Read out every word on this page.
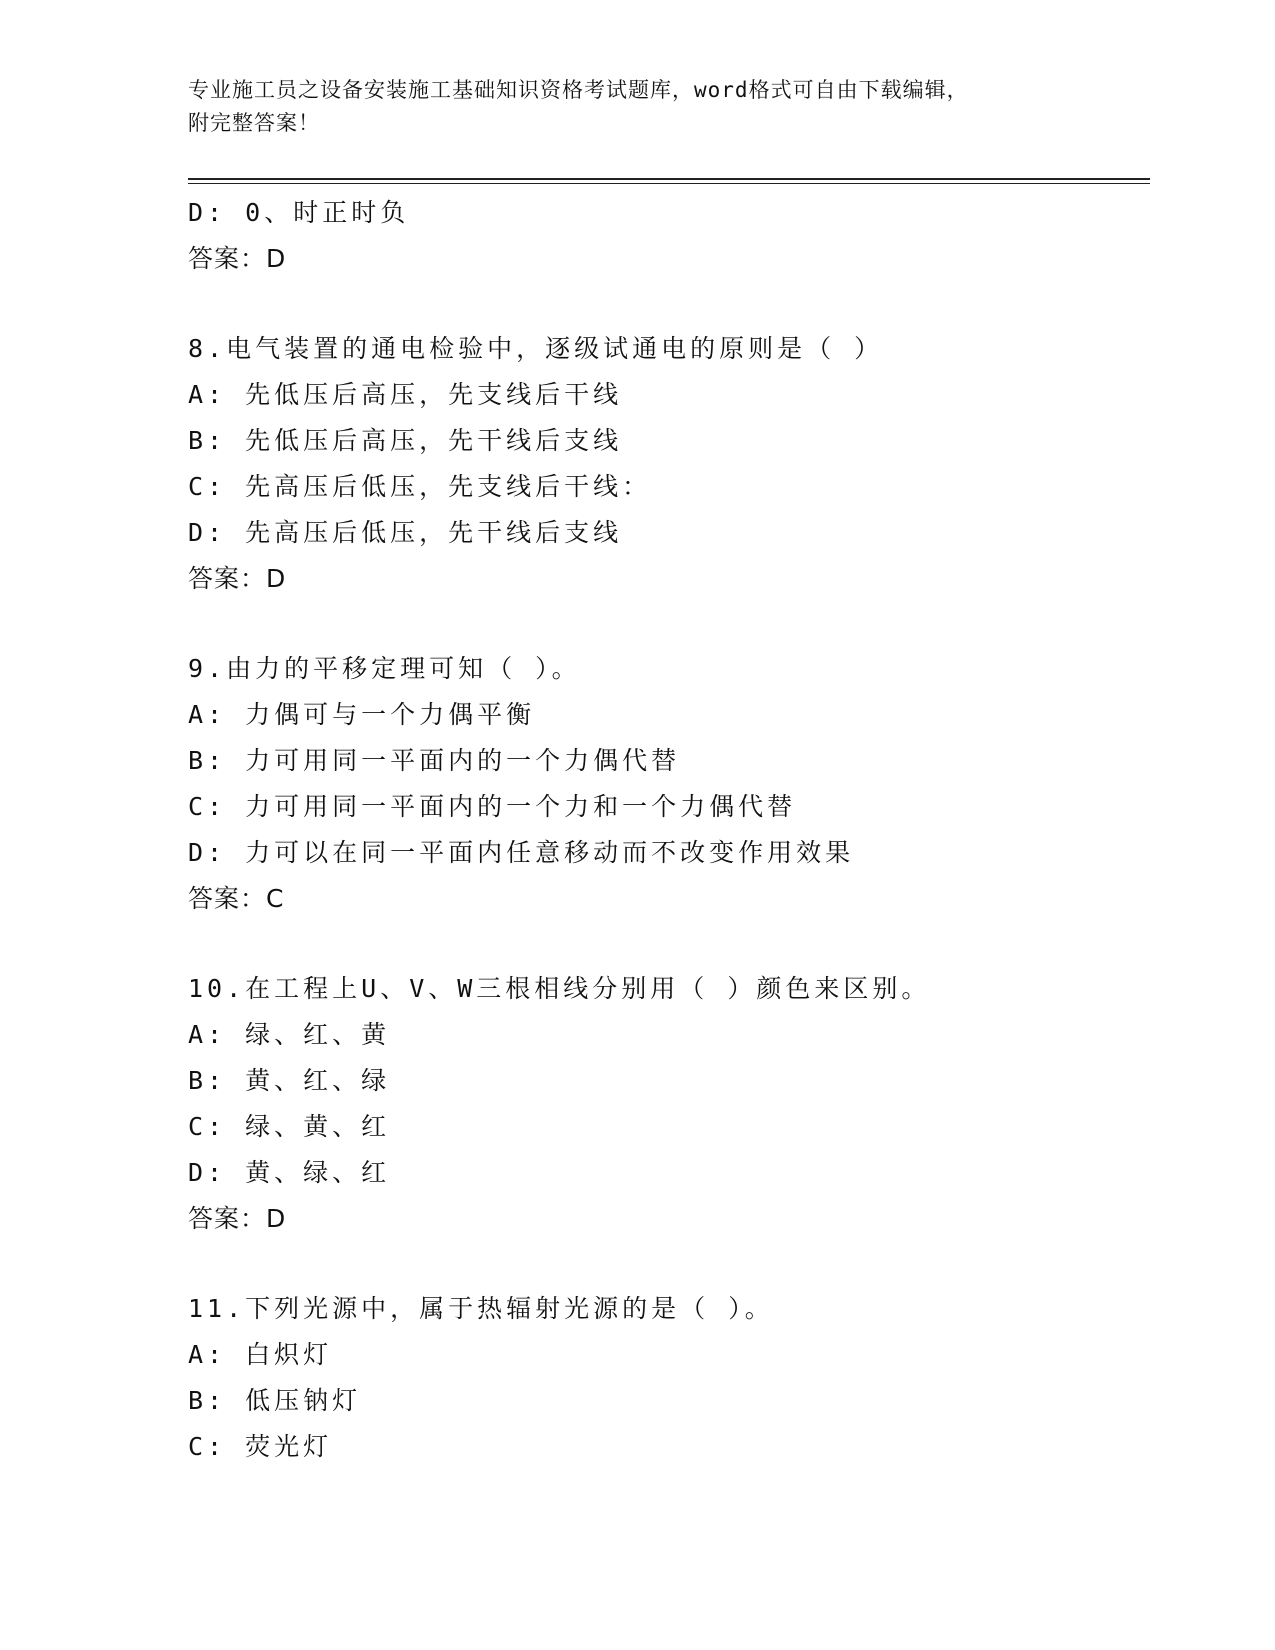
专业施工员之设备安装施工基础知识资格考试题库，word格式可自由下载编辑，
附完整答案！
D: 0、时正时负
答案：D
8.电气装置的通电检验中，逐级试通电的原则是（ ）
A: 先低压后高压，先支线后干线
B: 先低压后高压，先干线后支线
C: 先高压后低压，先支线后干线：
D: 先高压后低压，先干线后支线
答案：D
9.由力的平移定理可知（ ）。
A: 力偶可与一个力偶平衡
B: 力可用同一平面内的一个力偶代替
C: 力可用同一平面内的一个力和一个力偶代替
D: 力可以在同一平面内任意移动而不改变作用效果
答案：C
10.在工程上U、V、W三根相线分别用（ ）颜色来区别。
A: 绿、红、黄
B: 黄、红、绿
C: 绿、黄、红
D: 黄、绿、红
答案：D
11.下列光源中，属于热辐射光源的是（ ）。
A: 白炽灯
B: 低压钠灯
C: 荧光灯
